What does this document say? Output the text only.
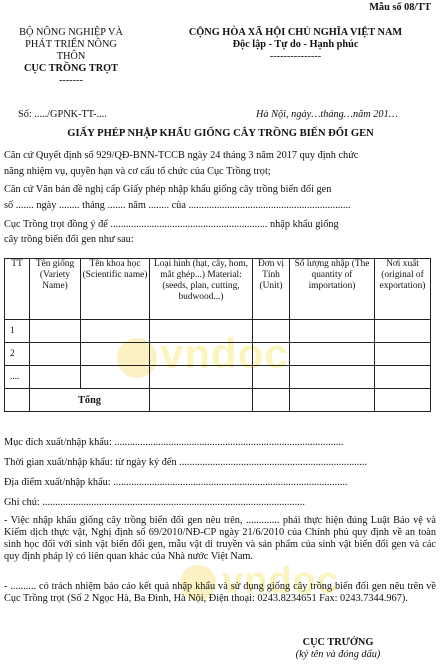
vndoc
vndoc
Mẫu số 08/TT
BỘ NÔNG NGHIỆP VÀ
PHÁT TRIỂN NÔNG
THÔN
CỤC TRỒNG TRỌT
-------
CỘNG HÒA XÃ HỘI CHỦ NGHĨA VIỆT NAM
Độc lập - Tự do - Hạnh phúc
---------------
Số: ...../GPNK-TT-....	Hà Nội, ngày…tháng…năm 201…
GIẤY PHÉP NHẬP KHẨU GIỐNG CÂY TRỒNG BIẾN ĐỔI GEN
Căn cứ Quyết định số 929/QĐ-BNN-TCCB ngày 24 tháng 3 năm 2017 quy định chức
năng nhiệm vụ, quyền hạn và cơ cấu tổ chức của Cục Trồng trọt;
Căn cứ Văn bản đề nghị cấp Giấy phép nhập khẩu giống cây trồng biến đổi gen
số ....... ngày ........ tháng ....... năm ........ của ...............................................................
Cục Trồng trọt đồng ý để ............................................................. nhập khẩu giống
cây trồng biến đổi gen như sau:
TT	Tên giống (Variety Name)	Tên khoa học (Scientific name)	Loại hình (hạt, cây, hom, mắt ghép...) Material: (seeds, plan, cutting, budwood...)	Đơn vị Tính (Unit)	Số lượng nhập (The quantity of importation)	Nơi xuất (original of exportation)
1						
2						
....						
	Tổng					
Mục đích xuất/nhập khẩu: .........................................................................................
Thời gian xuất/nhập khẩu: từ ngày ký đến .........................................................................
Địa điểm xuất/nhập khẩu: ...........................................................................................
Ghi chú: ......................................................................................................
- Việc nhập khẩu giống cây trồng biến đổi gen nêu trên, ............. phải thực hiện đúng Luật Bảo vệ và Kiểm dịch thực vật, Nghị định số 69/2010/NĐ-CP ngày 21/6/2010 của Chính phủ quy định về an toàn sinh học đối với sinh vật biến đổi gen, mẫu vật di truyền và sản phẩm của sinh vật biến đổi gen và các quy định pháp lý có liên quan khác của Nhà nước Việt Nam.
- .......... có trách nhiệm báo cáo kết quả nhập khẩu và sử dụng giống cây trồng biến đổi gen nêu trên về Cục Trồng trọt (Số 2 Ngọc Hà, Ba Đình, Hà Nội, Điện thoại: 0243.8234651 Fax: 0243.7344.967).
CỤC TRƯỞNG
(ký tên và đóng dấu)
